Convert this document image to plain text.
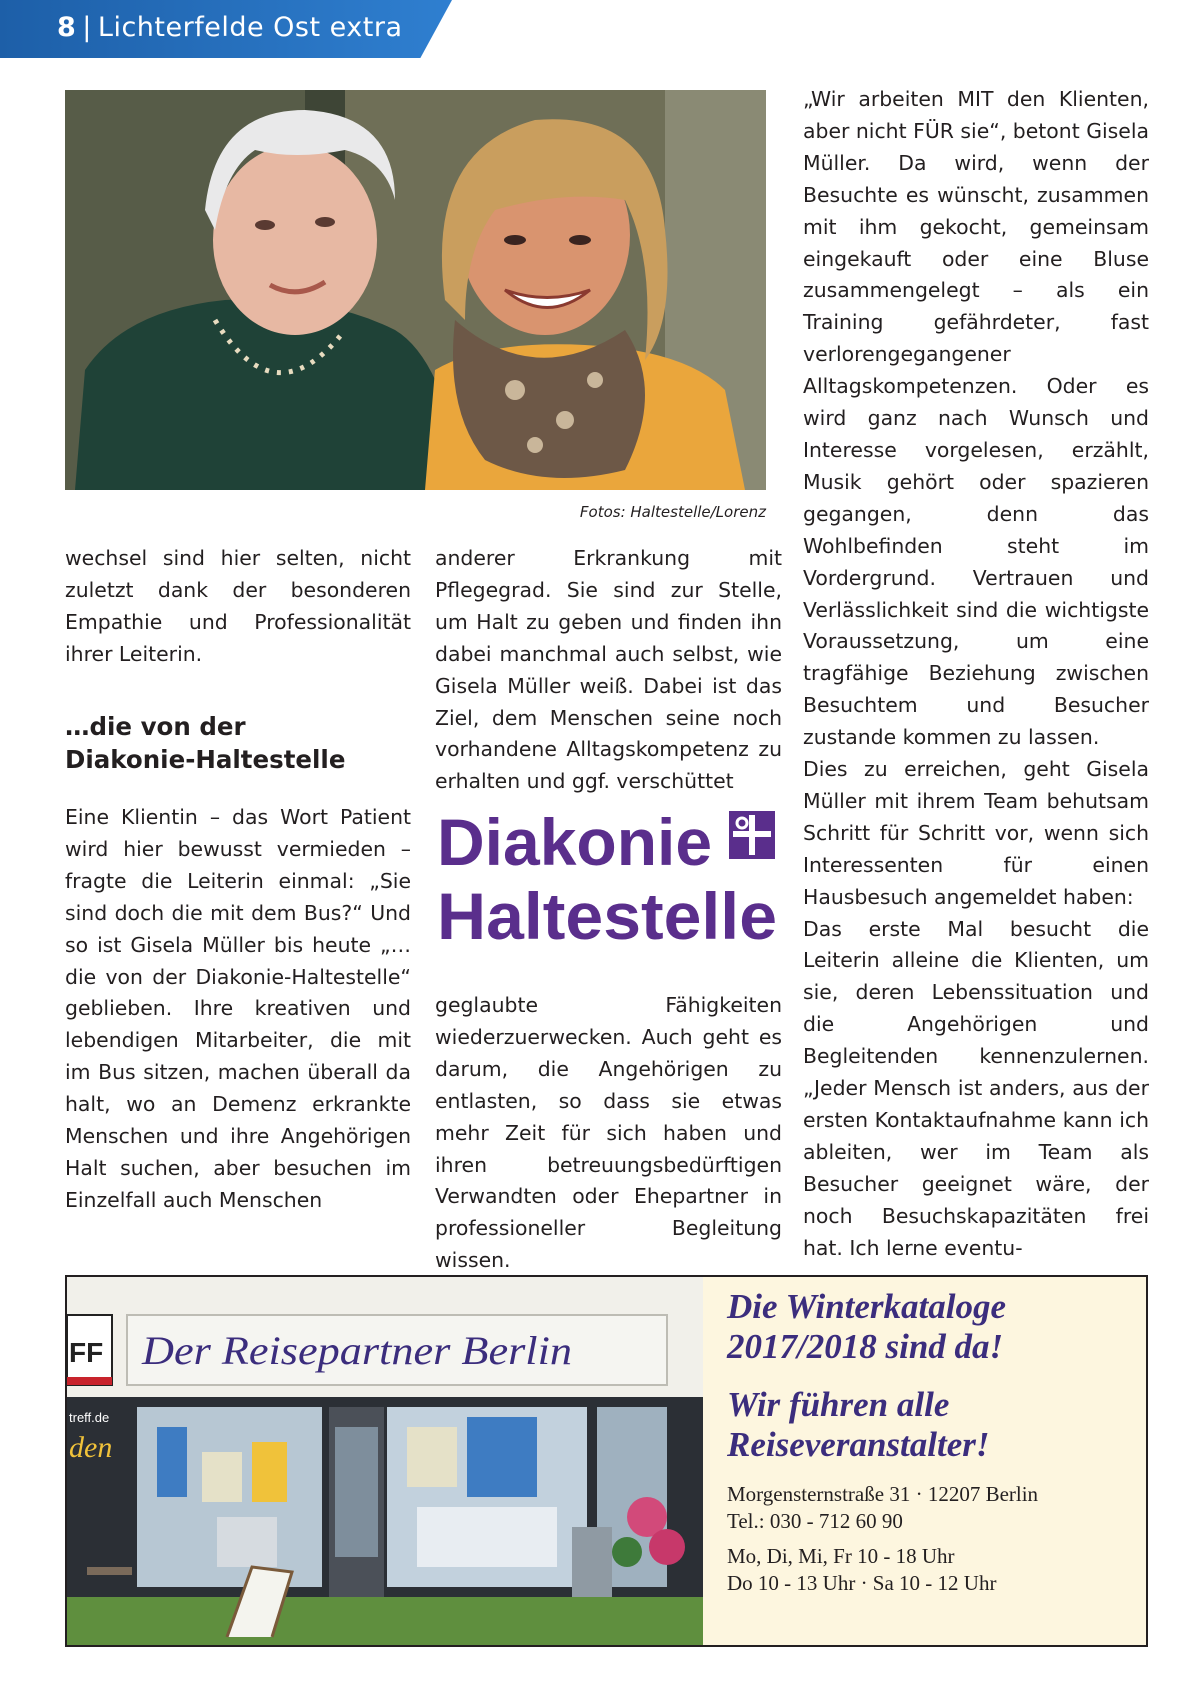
8 | Lichterfelde Ost extra
Fotos: Haltestelle/Lorenz

wechsel sind hier selten, nicht zuletzt dank der besonderen Empathie und Professionalität ihrer Leiterin.

…die von der
Diakonie-Haltestelle

Eine Klientin – das Wort Patient wird hier bewusst vermieden – fragte die Leiterin einmal: „Sie sind doch die mit dem Bus?“ Und so ist Gisela Müller bis heute „… die von der Diakonie-Haltestelle“ geblieben. Ihre kreativen und lebendigen Mitarbeiter, die mit im Bus sitzen, machen überall da halt, wo an Demenz erkrankte Menschen und ihre Angehörigen Halt suchen, aber besuchen im Einzelfall auch Menschen

anderer Erkrankung mit Pflegegrad. Sie sind zur Stelle, um Halt zu geben und finden ihn dabei manchmal auch selbst, wie Gisela Müller weiß. Dabei ist das Ziel, dem Menschen seine noch vorhandene Alltagskompetenz zu erhalten und ggf. verschüttet

Diakonie
Haltestelle

geglaubte Fähigkeiten wiederzuerwecken. Auch geht es darum, die Angehörigen zu entlasten, so dass sie etwas mehr Zeit für sich haben und ihren betreuungsbedürftigen Verwandten oder Ehepartner in professioneller Begleitung wissen.

„Wir arbeiten MIT den Klienten, aber nicht FÜR sie“, betont Gisela Müller. Da wird, wenn der Besuchte es wünscht, zusammen mit ihm gekocht, gemeinsam eingekauft oder eine Bluse zusammengelegt – als ein Training gefährdeter, fast verlorengegangener Alltagskompetenzen. Oder es wird ganz nach Wunsch und Interesse vorgelesen, erzählt, Musik gehört oder spazieren gegangen, denn das Wohlbefinden steht im Vordergrund. Vertrauen und Verlässlichkeit sind die wichtigste Voraussetzung, um eine tragfähige Beziehung zwischen Besuchtem und Besucher zustande kommen zu lassen.

Dies zu erreichen, geht Gisela Müller mit ihrem Team behutsam Schritt für Schritt vor, wenn sich Interessenten für einen Hausbesuch angemeldet haben:

Das erste Mal besucht die Leiterin alleine die Klienten, um sie, deren Lebenssituation und die Angehörigen und Begleitenden kennenzulernen. „Jeder Mensch ist anders, aus der ersten Kontaktaufnahme kann ich ableiten, wer im Team als Besucher geeignet wäre, der noch Besuchskapazitäten frei hat. Ich lerne eventu-

Der Reisepartner Berlin
FF
treff.de
den
Die Winterkataloge
2017/2018 sind da!
Wir führen alle
Reiseveranstalter!
Morgensternstraße 31 · 12207 Berlin
Tel.: 030 - 712 60 90
Mo, Di, Mi, Fr 10 - 18 Uhr
Do 10 - 13 Uhr · Sa 10 - 12 Uhr
